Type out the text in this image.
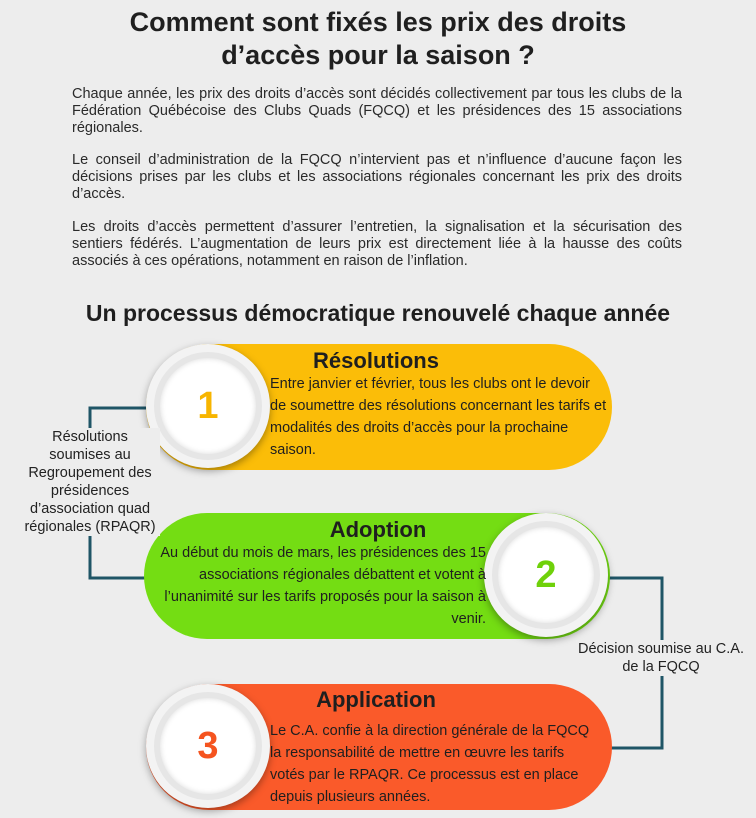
Comment sont fixés les prix des droits
d’accès pour la saison ?
Chaque année, les prix des droits d’accès sont décidés collectivement par tous les clubs de la Fédération Québécoise des Clubs Quads (FQCQ) et les présidences des 15 associations régionales.
Le conseil d’administration de la FQCQ n’intervient pas et n’influence d’aucune façon les décisions prises par les clubs et les associations régionales concernant les prix des droits d’accès.
Les droits d’accès permettent d’assurer l’entretien, la signalisation et la sécurisation des sentiers fédérés. L’augmentation de leurs prix est directement liée à la hausse des coûts associés à ces opérations, notamment en raison de l’inflation.
Un processus démocratique renouvelé chaque année
1
Résolutions
Entre janvier et février, tous les clubs ont le devoir de soumettre des résolutions concernant les tarifs et modalités des droits d’accès pour la prochaine saison.
2
Adoption
Au début du mois de mars, les présidences des 15 associations régionales débattent et votent à l’unanimité sur les tarifs proposés pour la saison à venir.
3
Application
Le C.A. confie à la direction générale de la FQCQ la responsabilité de mettre en œuvre les tarifs votés par le RPAQR. Ce processus est en place depuis plusieurs années.
Résolutions soumises au Regroupement des présidences d’association quad régionales (RPAQR)
Décision soumise au C.A. de la FQCQ
